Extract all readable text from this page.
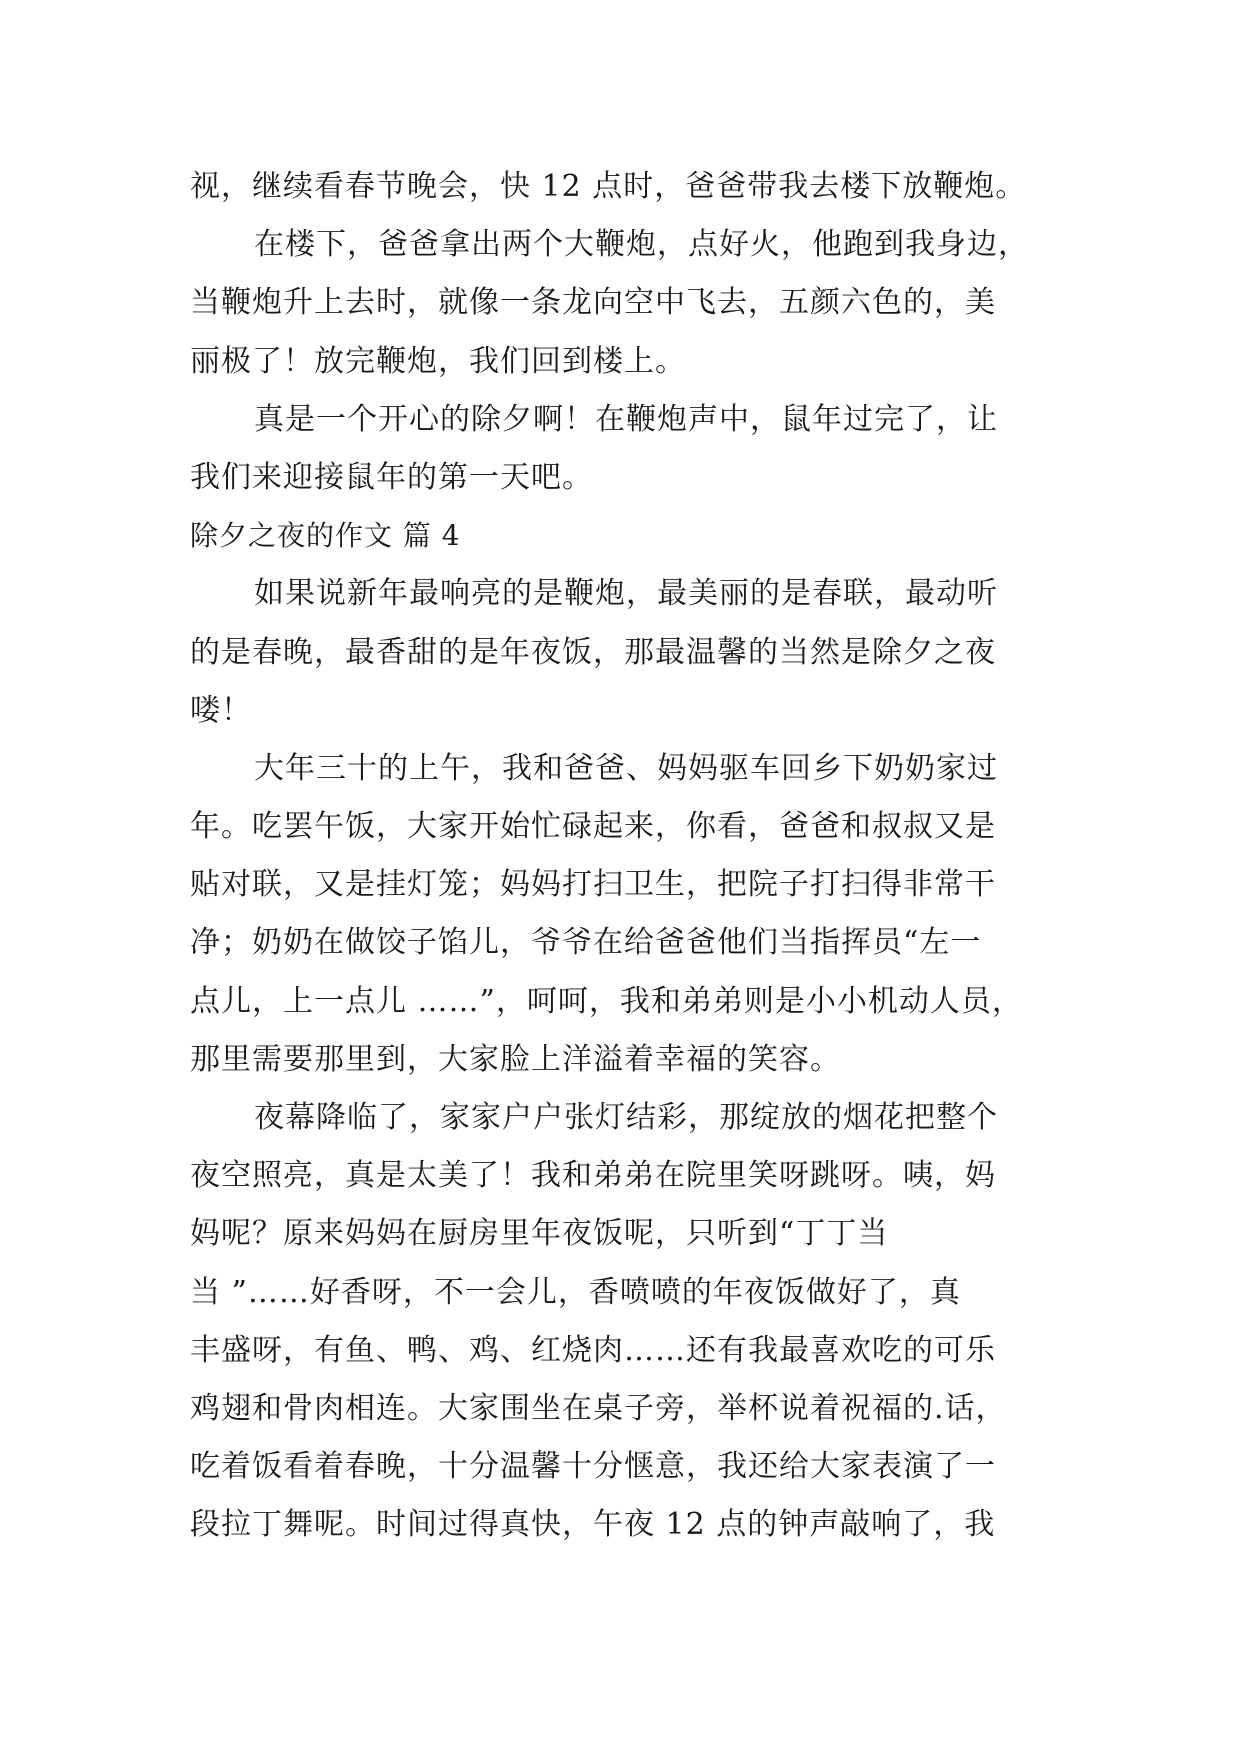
视，继续看春节晚会，快 12 点时，爸爸带我去楼下放鞭炮。
在楼下，爸爸拿出两个大鞭炮，点好火，他跑到我身边，
当鞭炮升上去时，就像一条龙向空中飞去，五颜六色的，美
丽极了！放完鞭炮，我们回到楼上。
真是一个开心的除夕啊！在鞭炮声中，鼠年过完了，让
我们来迎接鼠年的第一天吧。
除夕之夜的作文 篇 4
如果说新年最响亮的是鞭炮，最美丽的是春联，最动听
的是春晚，最香甜的是年夜饭，那最温馨的当然是除夕之夜
喽！
大年三十的上午，我和爸爸、妈妈驱车回乡下奶奶家过
年。吃罢午饭，大家开始忙碌起来，你看，爸爸和叔叔又是
贴对联，又是挂灯笼；妈妈打扫卫生，把院子打扫得非常干
净；奶奶在做饺子馅儿，爷爷在给爸爸他们当指挥员“左一
点儿，上一点儿 ……”，呵呵，我和弟弟则是小小机动人员，
那里需要那里到，大家脸上洋溢着幸福的笑容。
夜幕降临了，家家户户张灯结彩，那绽放的烟花把整个
夜空照亮，真是太美了！我和弟弟在院里笑呀跳呀。咦，妈
妈呢？原来妈妈在厨房里年夜饭呢，只听到“丁丁当
当 ”……好香呀，不一会儿，香喷喷的年夜饭做好了，真
丰盛呀，有鱼、鸭、鸡、红烧肉……还有我最喜欢吃的可乐
鸡翅和骨肉相连。大家围坐在桌子旁，举杯说着祝福的.话，
吃着饭看着春晚，十分温馨十分惬意，我还给大家表演了一
段拉丁舞呢。时间过得真快，午夜 12 点的钟声敲响了，我
